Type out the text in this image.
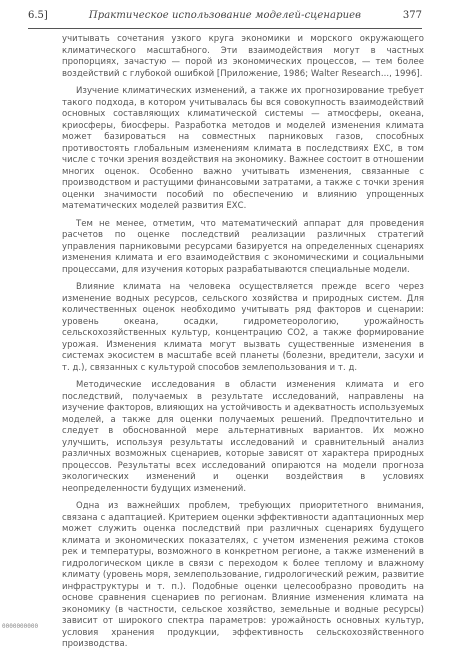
6.5]	Практическое использование моделей-сценариев	377

учитывать сочетания узкого круга экономики и морского окружающего климатического масштабного. Эти взаимодействия могут в частных пропорциях, зачастую — порой из экономических процессов, — тем более воздействий с глубокой ошибкой [Приложение, 1986; Walter Research..., 1996].

Изучение климатических изменений, а также их прогнозирование требует такого подхода, в котором учитывалась бы вся совокупность взаимодействий основных составляющих климатической системы — атмосферы, океана, криосферы, биосферы. Разработка методов и моделей изменения климата может базироваться на совместных парниковых газов, способных противостоять глобальным изменениям климата в последствиях ЕХС, в том числе с точки зрения воздействия на экономику. Важнее состоит в отношении многих оценок. Особенно важно учитывать изменения, связанные с производством и растущими финансовыми затратами, а также с точки зрения оценки значимости пособий по обеспечению и влиянию упрощенных математических моделей развития ЕХС.

Тем не менее, отметим, что математический аппарат для проведения расчетов по оценке последствий реализации различных стратегий управления парниковыми ресурсами базируется на определенных сценариях изменения климата и его взаимодействия с экономическими и социальными процессами, для изучения которых разрабатываются специальные модели.

Влияние климата на человека осуществляется прежде всего через изменение водных ресурсов, сельского хозяйства и природных систем. Для количественных оценок необходимо учитывать ряд факторов и сценарии: уровень океана, осадки, гидрометеорологию, урожайность сельскохозяйственных культур, концентрацию СО2, а также формирование урожая. Изменения климата могут вызвать существенные изменения в системах экосистем в масштабе всей планеты (болезни, вредители, засухи и т. д.), связанных с культурой способов землепользования и т. д.

Методические исследования в области изменения климата и его последствий, получаемых в результате исследований, направлены на изучение факторов, влияющих на устойчивость и адекватность используемых моделей, а также для оценки получаемых решений. Предпочтительно и следует в обоснованной мере альтернативных вариантов. Их можно улучшить, используя результаты исследований и сравнительный анализ различных возможных сценариев, которые зависят от характера природных процессов. Результаты всех исследований опираются на модели прогноза экологических изменений и оценки воздействия в условиях неопределенности будущих изменений.

Одна из важнейших проблем, требующих приоритетного внимания, связана с адаптацией. Критерием оценки эффективности адаптационных мер может служить оценка последствий при различных сценариях будущего климата и экономических показателях, с учетом изменения режима стоков рек и температуры, возможного в конкретном регионе, а также изменений в гидрологическом цикле в связи с переходом к более теплому и влажному климату (уровень моря, землепользование, гидрологический режим, развитие инфраструктуры и т. п.). Подобные оценки целесообразно проводить на основе сравнения сценариев по регионам. Влияние изменения климата на экономику (в частности, сельское хозяйство, земельные и водные ресурсы) зависит от широкого спектра параметров: урожайность основных культур, условия хранения продукции, эффективность сельскохозяйственного производства.

0000000000
